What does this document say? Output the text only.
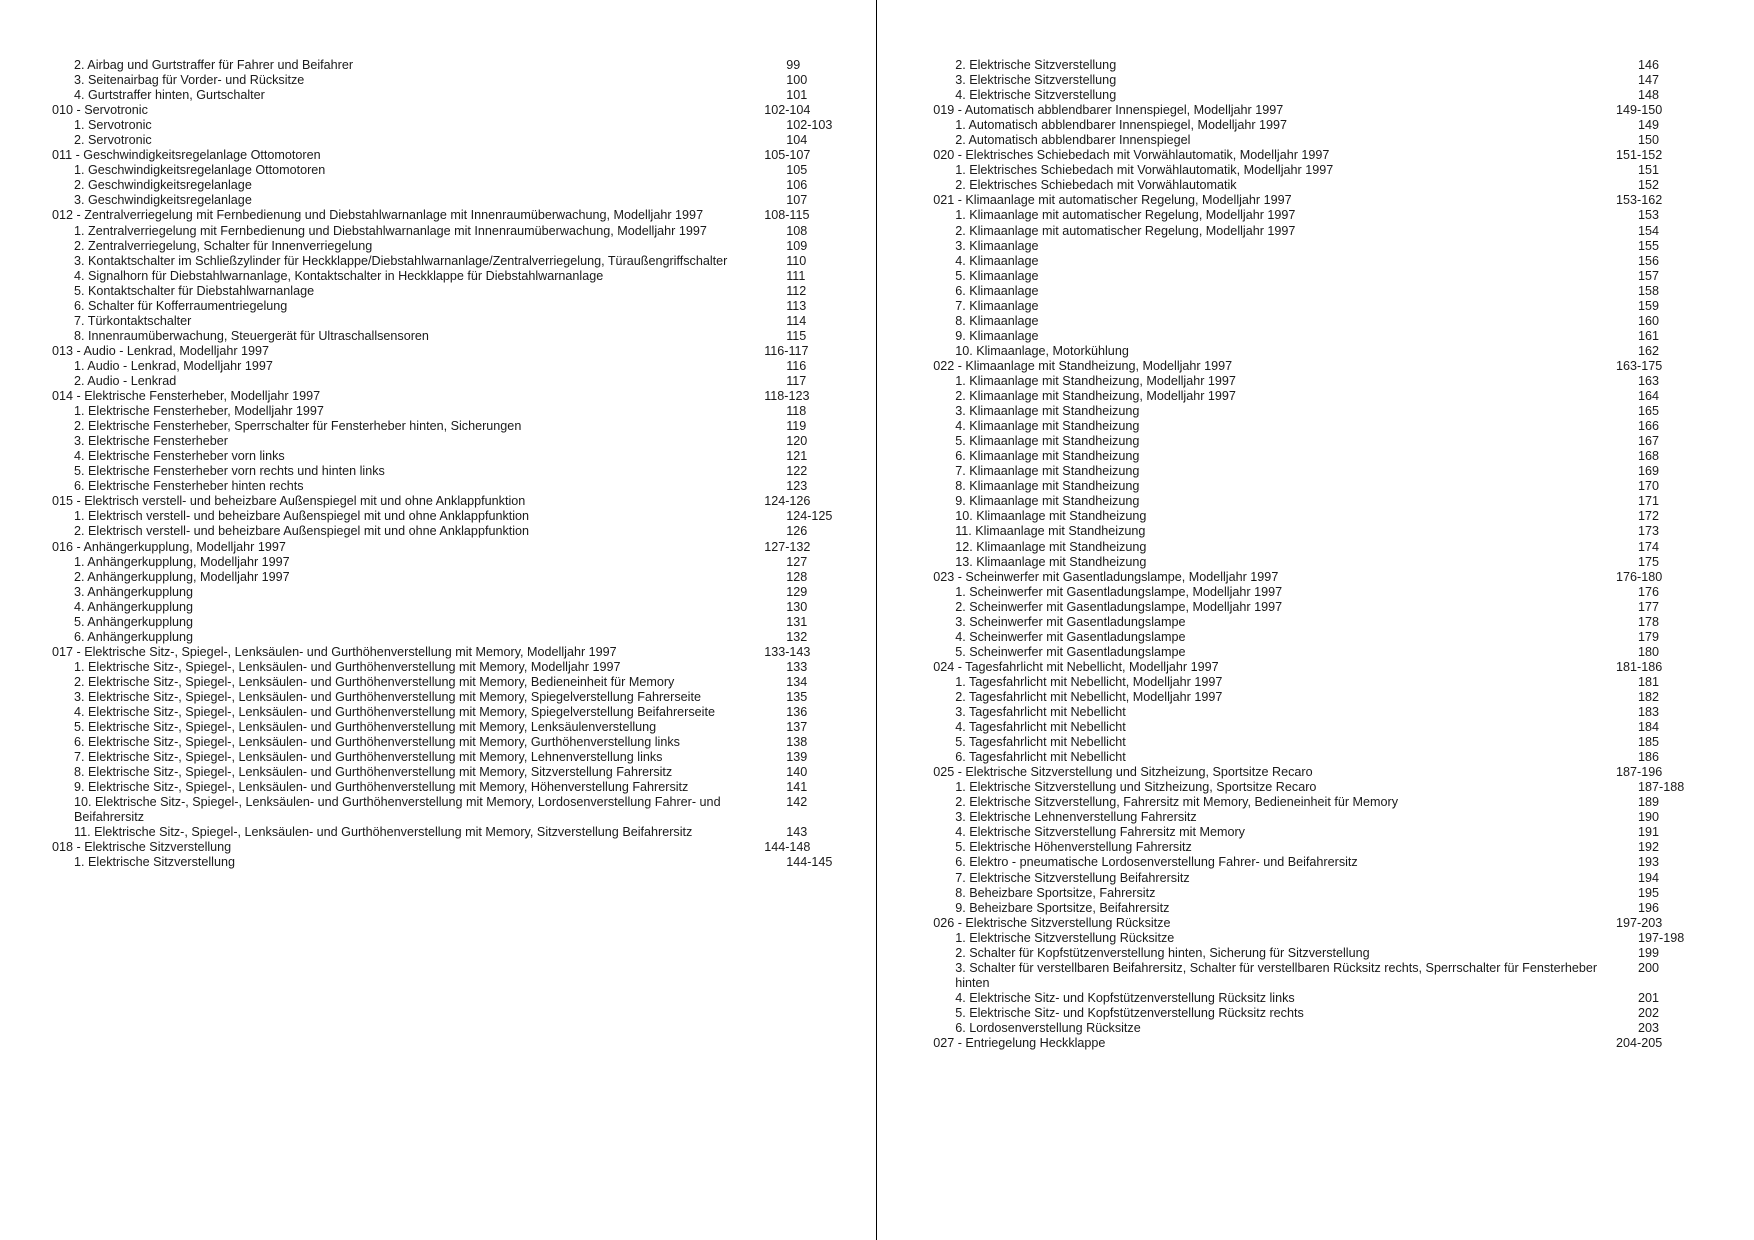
2. Airbag und Gurtstraffer für Fahrer und Beifahrer	99
3. Seitenairbag für Vorder- und Rücksitze	100
4. Gurtstraffer hinten, Gurtschalter	101
010 - Servotronic	102-104
1. Servotronic	102-103
2. Servotronic	104
011 - Geschwindigkeitsregelanlage Ottomotoren	105-107
1. Geschwindigkeitsregelanlage Ottomotoren	105
2. Geschwindigkeitsregelanlage	106
3. Geschwindigkeitsregelanlage	107
012 - Zentralverriegelung mit Fernbedienung und Diebstahlwarnanlage mit Innenraumüberwachung, Modelljahr 1997	108-115
1. Zentralverriegelung mit Fernbedienung und Diebstahlwarnanlage mit Innenraumüberwachung, Modelljahr 1997	108
2. Zentralverriegelung, Schalter für Innenverriegelung	109
3. Kontaktschalter im Schließzylinder für Heckklappe/Diebstahlwarnanlage/Zentralverriegelung, Türaußengriffschalter	110
4. Signalhorn für Diebstahlwarnanlage, Kontaktschalter in Heckklappe für Diebstahlwarnanlage	111
5. Kontaktschalter für Diebstahlwarnanlage	112
6. Schalter für Kofferraumentriegelung	113
7. Türkontaktschalter	114
8. Innenraumüberwachung, Steuergerät für Ultraschallsensoren	115
013 - Audio - Lenkrad, Modelljahr 1997	116-117
1. Audio - Lenkrad, Modelljahr 1997	116
2. Audio - Lenkrad	117
014 - Elektrische Fensterheber, Modelljahr 1997	118-123
1. Elektrische Fensterheber, Modelljahr 1997	118
2. Elektrische Fensterheber, Sperrschalter für Fensterheber hinten, Sicherungen	119
3. Elektrische Fensterheber	120
4. Elektrische Fensterheber vorn links	121
5. Elektrische Fensterheber vorn rechts und hinten links	122
6. Elektrische Fensterheber hinten rechts	123
015 - Elektrisch verstell- und beheizbare Außenspiegel mit und ohne Anklappfunktion	124-126
1. Elektrisch verstell- und beheizbare Außenspiegel mit und ohne Anklappfunktion	124-125
2. Elektrisch verstell- und beheizbare Außenspiegel mit und ohne Anklappfunktion	126
016 - Anhängerkupplung, Modelljahr 1997	127-132
1. Anhängerkupplung, Modelljahr 1997	127
2. Anhängerkupplung, Modelljahr 1997	128
3. Anhängerkupplung	129
4. Anhängerkupplung	130
5. Anhängerkupplung	131
6. Anhängerkupplung	132
017 - Elektrische Sitz-, Spiegel-, Lenksäulen- und Gurthöhenverstellung mit Memory, Modelljahr 1997	133-143
1. Elektrische Sitz-, Spiegel-, Lenksäulen- und Gurthöhenverstellung mit Memory, Modelljahr 1997	133
2. Elektrische Sitz-, Spiegel-, Lenksäulen- und Gurthöhenverstellung mit Memory, Bedieneinheit für Memory	134
3. Elektrische Sitz-, Spiegel-, Lenksäulen- und Gurthöhenverstellung mit Memory, Spiegelverstellung Fahrerseite	135
4. Elektrische Sitz-, Spiegel-, Lenksäulen- und Gurthöhenverstellung mit Memory, Spiegelverstellung Beifahrerseite	136
5. Elektrische Sitz-, Spiegel-, Lenksäulen- und Gurthöhenverstellung mit Memory, Lenksäulenverstellung	137
6. Elektrische Sitz-, Spiegel-, Lenksäulen- und Gurthöhenverstellung mit Memory, Gurthöhenverstellung links	138
7. Elektrische Sitz-, Spiegel-, Lenksäulen- und Gurthöhenverstellung mit Memory, Lehnenverstellung links	139
8. Elektrische Sitz-, Spiegel-, Lenksäulen- und Gurthöhenverstellung mit Memory, Sitzverstellung Fahrersitz	140
9. Elektrische Sitz-, Spiegel-, Lenksäulen- und Gurthöhenverstellung mit Memory, Höhenverstellung Fahrersitz	141
10. Elektrische Sitz-, Spiegel-, Lenksäulen- und Gurthöhenverstellung mit Memory, Lordosenverstellung Fahrer- und Beifahrersitz
142
11. Elektrische Sitz-, Spiegel-, Lenksäulen- und Gurthöhenverstellung mit Memory, Sitzverstellung Beifahrersitz	143
018 - Elektrische Sitzverstellung	144-148
1. Elektrische Sitzverstellung	144-145
2. Elektrische Sitzverstellung	146
3. Elektrische Sitzverstellung	147
4. Elektrische Sitzverstellung	148
019 - Automatisch abblendbarer Innenspiegel, Modelljahr 1997	149-150
1. Automatisch abblendbarer Innenspiegel, Modelljahr 1997	149
2. Automatisch abblendbarer Innenspiegel	150
020 - Elektrisches Schiebedach mit Vorwählautomatik, Modelljahr 1997	151-152
1. Elektrisches Schiebedach mit Vorwählautomatik, Modelljahr 1997	151
2. Elektrisches Schiebedach mit Vorwählautomatik	152
021 - Klimaanlage mit automatischer Regelung, Modelljahr 1997	153-162
1. Klimaanlage mit automatischer Regelung, Modelljahr 1997	153
2. Klimaanlage mit automatischer Regelung, Modelljahr 1997	154
3. Klimaanlage	155
4. Klimaanlage	156
5. Klimaanlage	157
6. Klimaanlage	158
7. Klimaanlage	159
8. Klimaanlage	160
9. Klimaanlage	161
10. Klimaanlage, Motorkühlung	162
022 - Klimaanlage mit Standheizung, Modelljahr 1997	163-175
1. Klimaanlage mit Standheizung, Modelljahr 1997	163
2. Klimaanlage mit Standheizung, Modelljahr 1997	164
3. Klimaanlage mit Standheizung	165
4. Klimaanlage mit Standheizung	166
5. Klimaanlage mit Standheizung	167
6. Klimaanlage mit Standheizung	168
7. Klimaanlage mit Standheizung	169
8. Klimaanlage mit Standheizung	170
9. Klimaanlage mit Standheizung	171
10. Klimaanlage mit Standheizung	172
11. Klimaanlage mit Standheizung	173
12. Klimaanlage mit Standheizung	174
13. Klimaanlage mit Standheizung	175
023 - Scheinwerfer mit Gasentladungslampe, Modelljahr 1997	176-180
1. Scheinwerfer mit Gasentladungslampe, Modelljahr 1997	176
2. Scheinwerfer mit Gasentladungslampe, Modelljahr 1997	177
3. Scheinwerfer mit Gasentladungslampe	178
4. Scheinwerfer mit Gasentladungslampe	179
5. Scheinwerfer mit Gasentladungslampe	180
024 - Tagesfahrlicht mit Nebellicht, Modelljahr 1997	181-186
1. Tagesfahrlicht mit Nebellicht, Modelljahr 1997	181
2. Tagesfahrlicht mit Nebellicht, Modelljahr 1997	182
3. Tagesfahrlicht mit Nebellicht	183
4. Tagesfahrlicht mit Nebellicht	184
5. Tagesfahrlicht mit Nebellicht	185
6. Tagesfahrlicht mit Nebellicht	186
025 - Elektrische Sitzverstellung und Sitzheizung, Sportsitze Recaro	187-196
1. Elektrische Sitzverstellung und Sitzheizung, Sportsitze Recaro	187-188
2. Elektrische Sitzverstellung, Fahrersitz mit Memory, Bedieneinheit für Memory	189
3. Elektrische Lehnenverstellung Fahrersitz	190
4. Elektrische Sitzverstellung Fahrersitz mit Memory	191
5. Elektrische Höhenverstellung Fahrersitz	192
6. Elektro - pneumatische Lordosenverstellung Fahrer- und Beifahrersitz	193
7. Elektrische Sitzverstellung Beifahrersitz	194
8. Beheizbare Sportsitze, Fahrersitz	195
9. Beheizbare Sportsitze, Beifahrersitz	196
026 - Elektrische Sitzverstellung Rücksitze	197-203
1. Elektrische Sitzverstellung Rücksitze	197-198
2. Schalter für Kopfstützenverstellung hinten, Sicherung für Sitzverstellung	199
3. Schalter für verstellbaren Beifahrersitz, Schalter für verstellbaren Rücksitz rechts, Sperrschalter für Fensterheber hinten
200
4. Elektrische Sitz- und Kopfstützenverstellung Rücksitz links	201
5. Elektrische Sitz- und Kopfstützenverstellung Rücksitz rechts	202
6. Lordosenverstellung Rücksitze	203
027 - Entriegelung Heckklappe	204-205
